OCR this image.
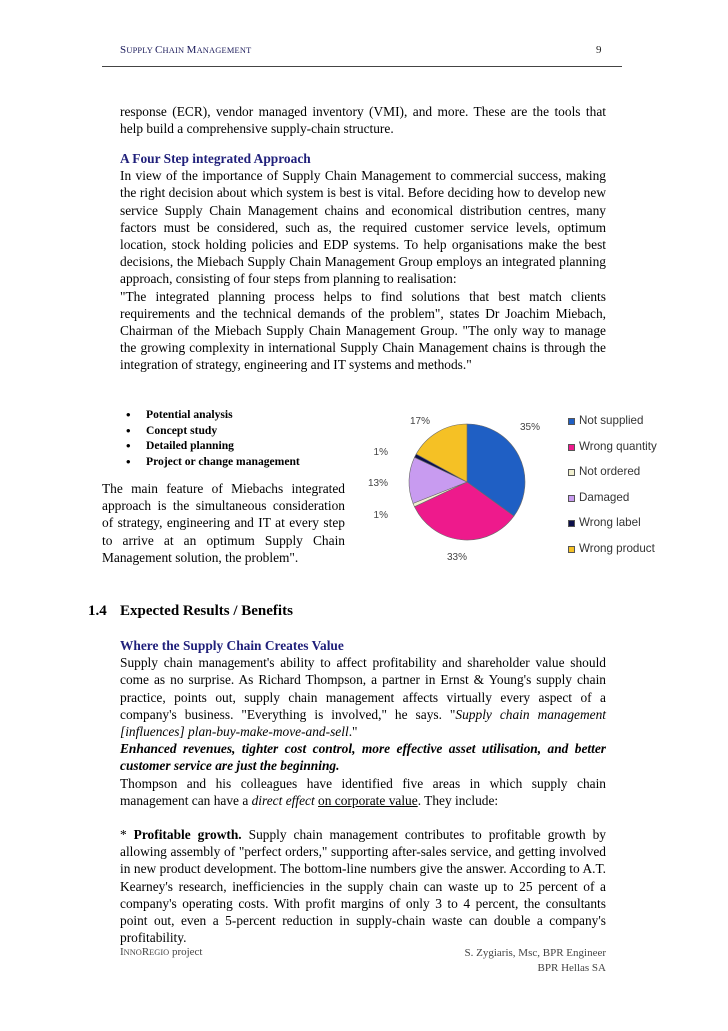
SUPPLY CHAIN MANAGEMENT	9

response (ECR), vendor managed inventory (VMI), and more. These are the tools that help build a comprehensive supply-chain structure.

A Four Step integrated Approach

In view of the importance of Supply Chain Management to commercial success, making the right decision about which system is best is vital. Before deciding how to develop new service Supply Chain Management chains and economical distribution centres, many factors must be considered, such as, the required customer service levels, optimum location, stock holding policies and EDP systems. To help organisations make the best decisions, the Miebach Supply Chain Management Group employs an integrated planning approach, consisting of four steps from planning to realisation:

"The integrated planning process helps to find solutions that best match clients requirements and the technical demands of the problem", states Dr Joachim Miebach, Chairman of the Miebach Supply Chain Management Group. "The only way to manage the growing complexity in international Supply Chain Management chains is through the integration of strategy, engineering and IT systems and methods."

• Potential analysis
• Concept study
• Detailed planning
• Project or change management

The main feature of Miebachs integrated approach is the simultaneous consideration of strategy, engineering and IT at every step to arrive at an optimum Supply Chain Management solution, the problem".

35%
33%
1%
13%
1%
17%	Not supplied
Wrong quantity
Not ordered
Damaged
Wrong label
Wrong product
1.4 Expected Results / Benefits

Where the Supply Chain Creates Value

Supply chain management's ability to affect profitability and shareholder value should come as no surprise. As Richard Thompson, a partner in Ernst & Young's supply chain practice, points out, supply chain management affects virtually every aspect of a company's business. "Everything is involved," he says. "Supply chain management [influences] plan-buy-make-move-and-sell."

Enhanced revenues, tighter cost control, more effective asset utilisation, and better customer service are just the beginning.

Thompson and his colleagues have identified five areas in which supply chain management can have a direct effect on corporate value. They include:

* Profitable growth. Supply chain management contributes to profitable growth by allowing assembly of "perfect orders," supporting after-sales service, and getting involved in new product development. The bottom-line numbers give the answer. According to A.T. Kearney's research, inefficiencies in the supply chain can waste up to 25 percent of a company's operating costs. With profit margins of only 3 to 4 percent, the consultants point out, even a 5-percent reduction in supply-chain waste can double a company's profitability.

INNOREGIO project	S. Zygiaris, Msc, BPR Engineer
BPR Hellas SA
